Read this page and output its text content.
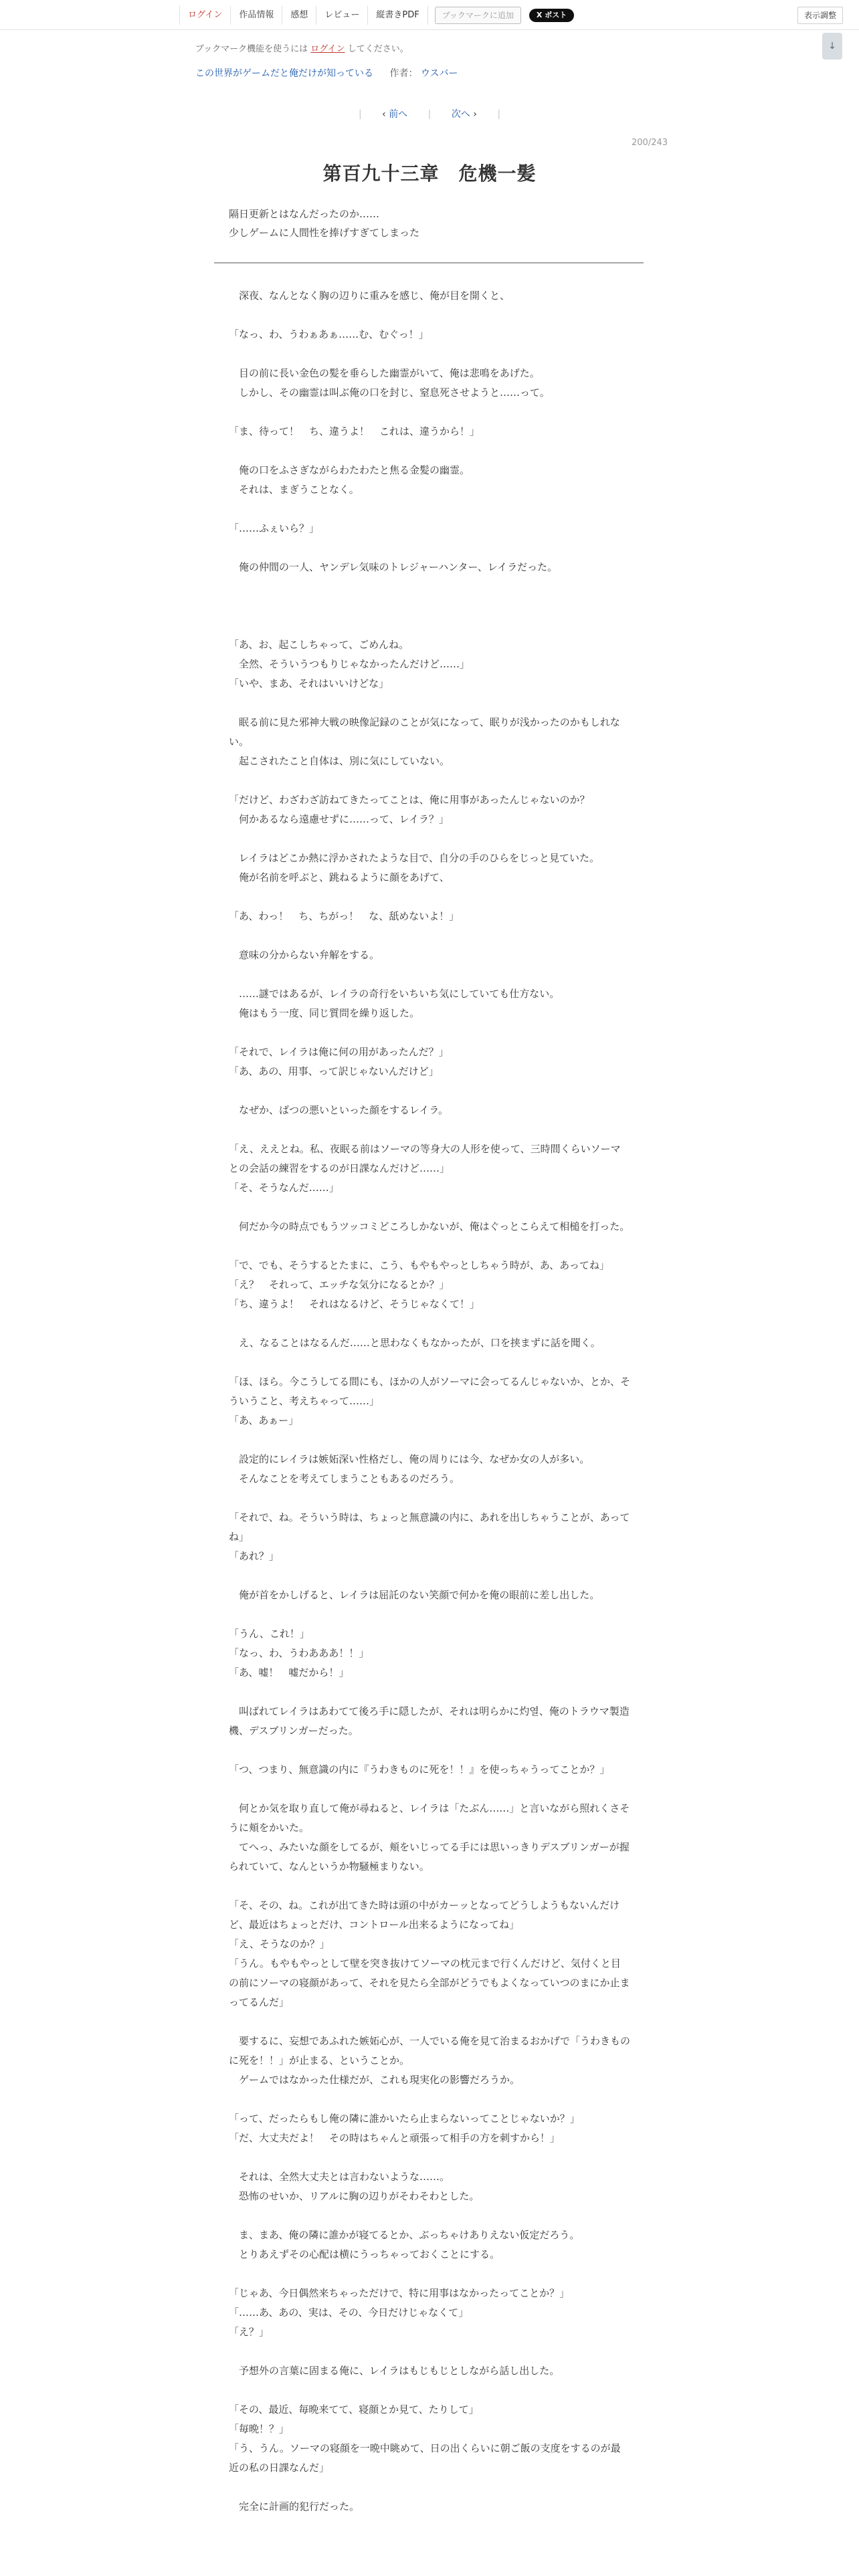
ログイン	作品情報	感想	レビュー	縦書きPDF	ブックマークに追加	X ポスト	表示調整
↓
ブックマーク機能を使うには ログイン してください。
この世界がゲームだと俺だけが知っている 作者： ウスバー
| ‹ 前へ | 次へ › |
200/243
第百九十三章　危機一髪
隔日更新とはなんだったのか……
少しゲームに人間性を捧げすぎてしまった

　深夜、なんとなく胸の辺りに重みを感じ、俺が目を開くと、

「なっ、わ、うわぁあぁ……む、むぐっ！」

　目の前に長い金色の髪を垂らした幽霊がいて、俺は悲鳴をあげた。

　しかし、その幽霊は叫ぶ俺の口を封じ、窒息死させようと……って。

「ま、待って！　ち、違うよ！　これは、違うから！」

　俺の口をふさぎながらわたわたと焦る金髪の幽霊。

　それは、まぎうことなく。

「……ふぇいら？」

　俺の仲間の一人、ヤンデレ気味のトレジャーハンター、レイラだった。

「あ、お、起こしちゃって、ごめんね。

　全然、そういうつもりじゃなかったんだけど……」

「いや、まあ、それはいいけどな」

　眠る前に見た邪神大戦の映像記録のことが気になって、眠りが浅かったのかもしれない。

　起こされたこと自体は、別に気にしていない。

「だけど、わざわざ訪ねてきたってことは、俺に用事があったんじゃないのか？

　何かあるなら遠慮せずに……って、レイラ？」

　レイラはどこか熱に浮かされたような目で、自分の手のひらをじっと見ていた。

　俺が名前を呼ぶと、跳ねるように顔をあげて、

「あ、わっ！　ち、ちがっ！　な、舐めないよ！」

　意味の分からない弁解をする。

　……謎ではあるが、レイラの奇行をいちいち気にしていても仕方ない。

　俺はもう一度、同じ質問を繰り返した。

「それで、レイラは俺に何の用があったんだ？」

「あ、あの、用事、って訳じゃないんだけど」

　なぜか、ばつの悪いといった顔をするレイラ。

「え、ええとね。私、夜眠る前はソーマの等身大の人形を使って、三時間くらいソーマとの会話の練習をするのが日課なんだけど……」

「そ、そうなんだ……」

　何だか今の時点でもうツッコミどころしかないが、俺はぐっとこらえて相槌を打った。

「で、でも、そうするとたまに、こう、もやもやっとしちゃう時が、あ、あってね」

「え？　それって、エッチな気分になるとか？」

「ち、違うよ！　それはなるけど、そうじゃなくて！」

　え、なることはなるんだ……と思わなくもなかったが、口を挟まずに話を聞く。

「ほ、ほら。今こうしてる間にも、ほかの人がソーマに会ってるんじゃないか、とか、そういうこと、考えちゃって……」

「あ、あぁー」

　設定的にレイラは嫉妬深い性格だし、俺の周りには今、なぜか女の人が多い。

　そんなことを考えてしまうこともあるのだろう。

「それで、ね。そういう時は、ちょっと無意識の内に、あれを出しちゃうことが、あってね」

「あれ？」

　俺が首をかしげると、レイラは屈託のない笑顔で何かを俺の眼前に差し出した。

「うん、これ！」

「なっ、わ、うわあああ！！」

「あ、嘘！　嘘だから！」

　叫ばれてレイラはあわてて後ろ手に隠したが、それは明らかに灼열、俺のトラウマ製造機、デスブリンガーだった。

「つ、つまり、無意識の内に『うわきものに死を！！』を使っちゃうってことか？」

　何とか気を取り直して俺が尋ねると、レイラは「たぶん……」と言いながら照れくさそうに頬をかいた。

　てへっ、みたいな顔をしてるが、頬をいじってる手には思いっきりデスブリンガーが握られていて、なんというか物騒極まりない。

「そ、その、ね。これが出てきた時は頭の中がカーッとなってどうしようもないんだけど、最近はちょっとだけ、コントロール出来るようになってね」

「え、そうなのか？」

「うん。もやもやっとして壁を突き抜けてソーマの枕元まで行くんだけど、気付くと目の前にソーマの寝顔があって、それを見たら全部がどうでもよくなっていつのまにか止まってるんだ」

　要するに、妄想であふれた嫉妬心が、一人でいる俺を見て治まるおかげで「うわきものに死を！！」が止まる、ということか。

　ゲームではなかった仕様だが、これも現実化の影響だろうか。

「って、だったらもし俺の隣に誰かいたら止まらないってことじゃないか？」

「だ、大丈夫だよ！　その時はちゃんと頑張って相手の方を刺すから！」

　それは、全然大丈夫とは言わないような……。

　恐怖のせいか、リアルに胸の辺りがそわそわとした。

　ま、まあ、俺の隣に誰かが寝てるとか、ぶっちゃけありえない仮定だろう。

　とりあえずその心配は横にうっちゃっておくことにする。

「じゃあ、今日偶然来ちゃっただけで、特に用事はなかったってことか？」

「……あ、あの、実は、その、今日だけじゃなくて」

「え？」

　予想外の言葉に固まる俺に、レイラはもじもじとしながら話し出した。

「その、最近、毎晩来てて、寝顔とか見て、たりして」

「毎晩！？」

「う、うん。ソーマの寝顔を一晩中眺めて、日の出くらいに朝ご飯の支度をするのが最近の私の日課なんだ」

　完全に計画的犯行だった。
